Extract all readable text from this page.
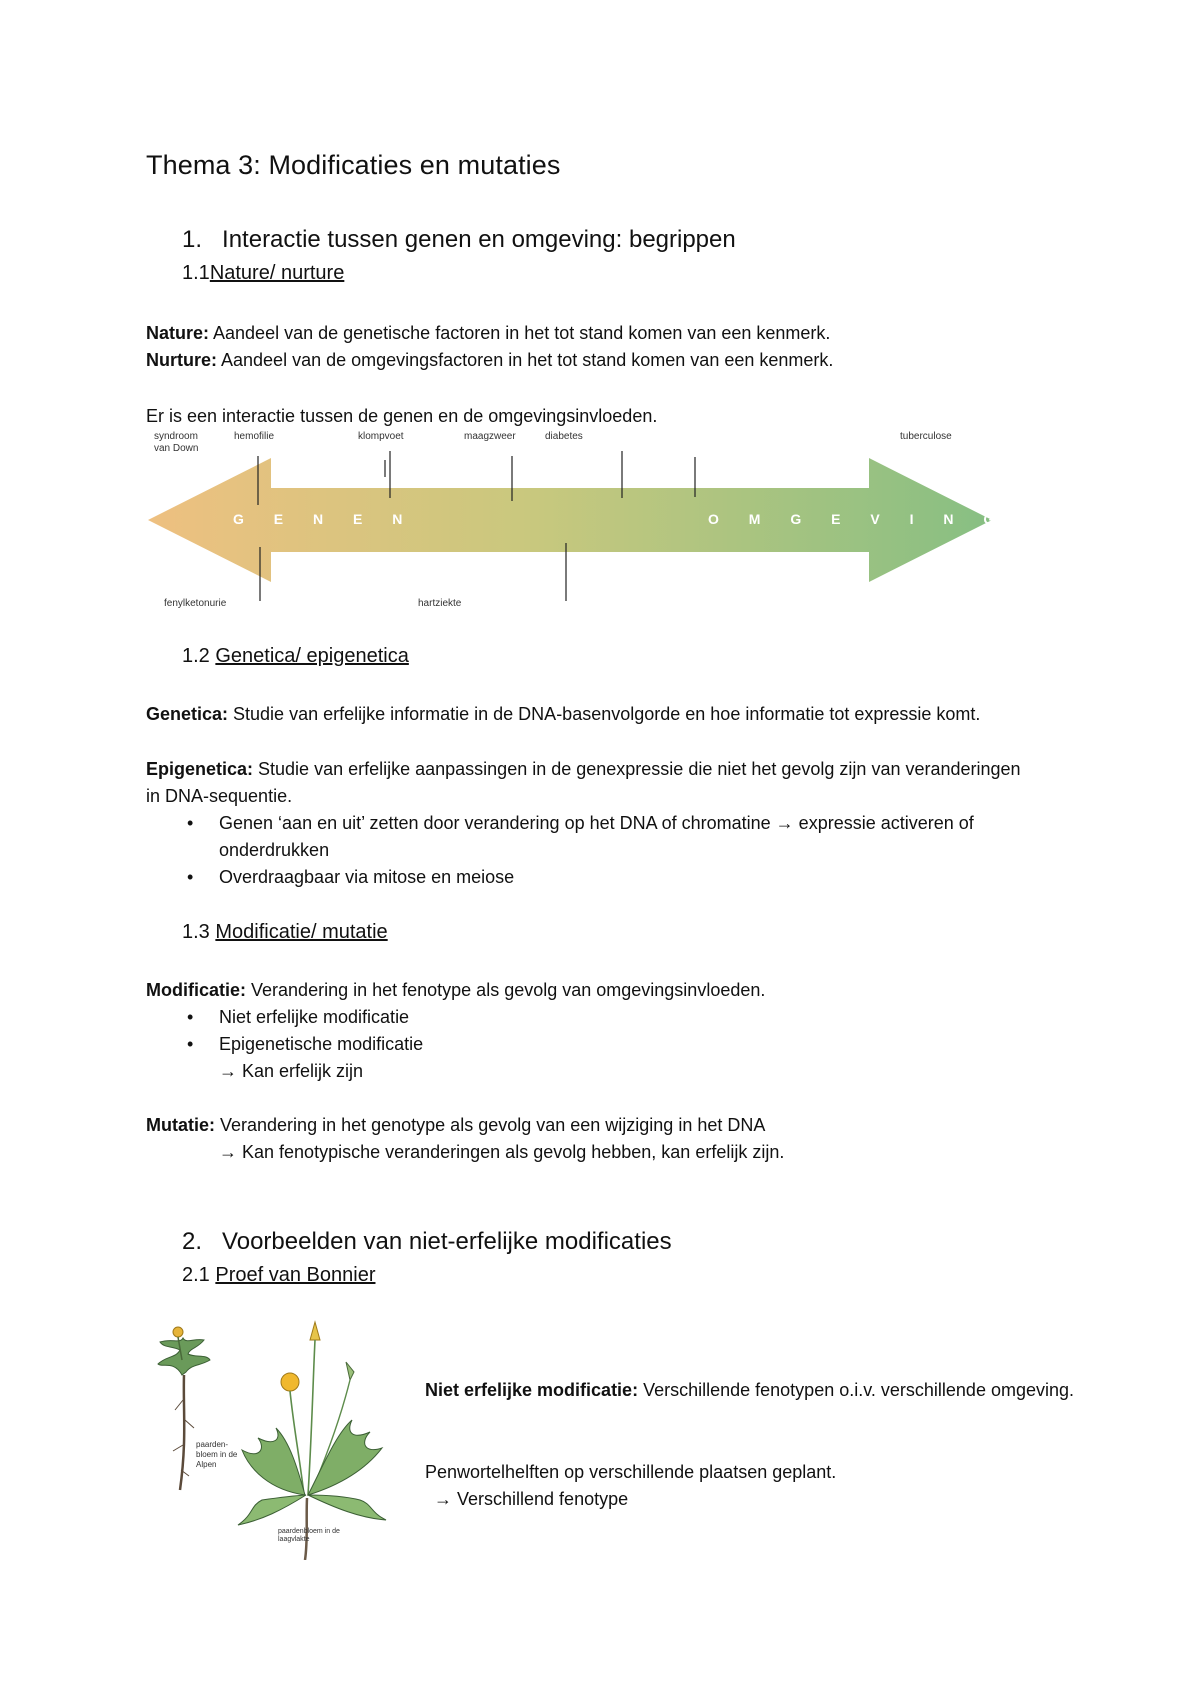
Thema 3: Modificaties en mutaties
1. Interactie tussen genen en omgeving: begrippen
1.1Nature/ nurture
Nature: Aandeel van de genetische factoren in het tot stand komen van een kenmerk.
Nurture: Aandeel van de omgevingsfactoren in het tot stand komen van een kenmerk.
Er is een interactie tussen de genen en de omgevingsinvloeden.
syndroom van Down
hemofilie	klompvoet	maagzweer	diabetes	tuberculose
fenylketonurie	hartziekte
G E N E N	O M G E V I N G
1.2 Genetica/ epigenetica
Genetica: Studie van erfelijke informatie in de DNA-basenvolgorde en hoe informatie tot expressie komt.
Epigenetica: Studie van erfelijke aanpassingen in de genexpressie die niet het gevolg zijn van veranderingen in DNA-sequentie.
• Genen ‘aan en uit’ zetten door verandering op het DNA of chromatine → expressie activeren of onderdrukken
• Overdraagbaar via mitose en meiose
1.3 Modificatie/ mutatie
Modificatie: Verandering in het fenotype als gevolg van omgevingsinvloeden.
• Niet erfelijke modificatie
• Epigenetische modificatie
→ Kan erfelijk zijn
Mutatie: Verandering in het genotype als gevolg van een wijziging in het DNA
→ Kan fenotypische veranderingen als gevolg hebben, kan erfelijk zijn.
2. Voorbeelden van niet-erfelijke modificaties
2.1 Proef van Bonnier
paarden-bloem in de Alpen
paardenbloem in de laagvlakte
Niet erfelijke modificatie: Verschillende fenotypen o.i.v. verschillende omgeving.
Penwortelhelften op verschillende plaatsen geplant.
→ Verschillend fenotype
